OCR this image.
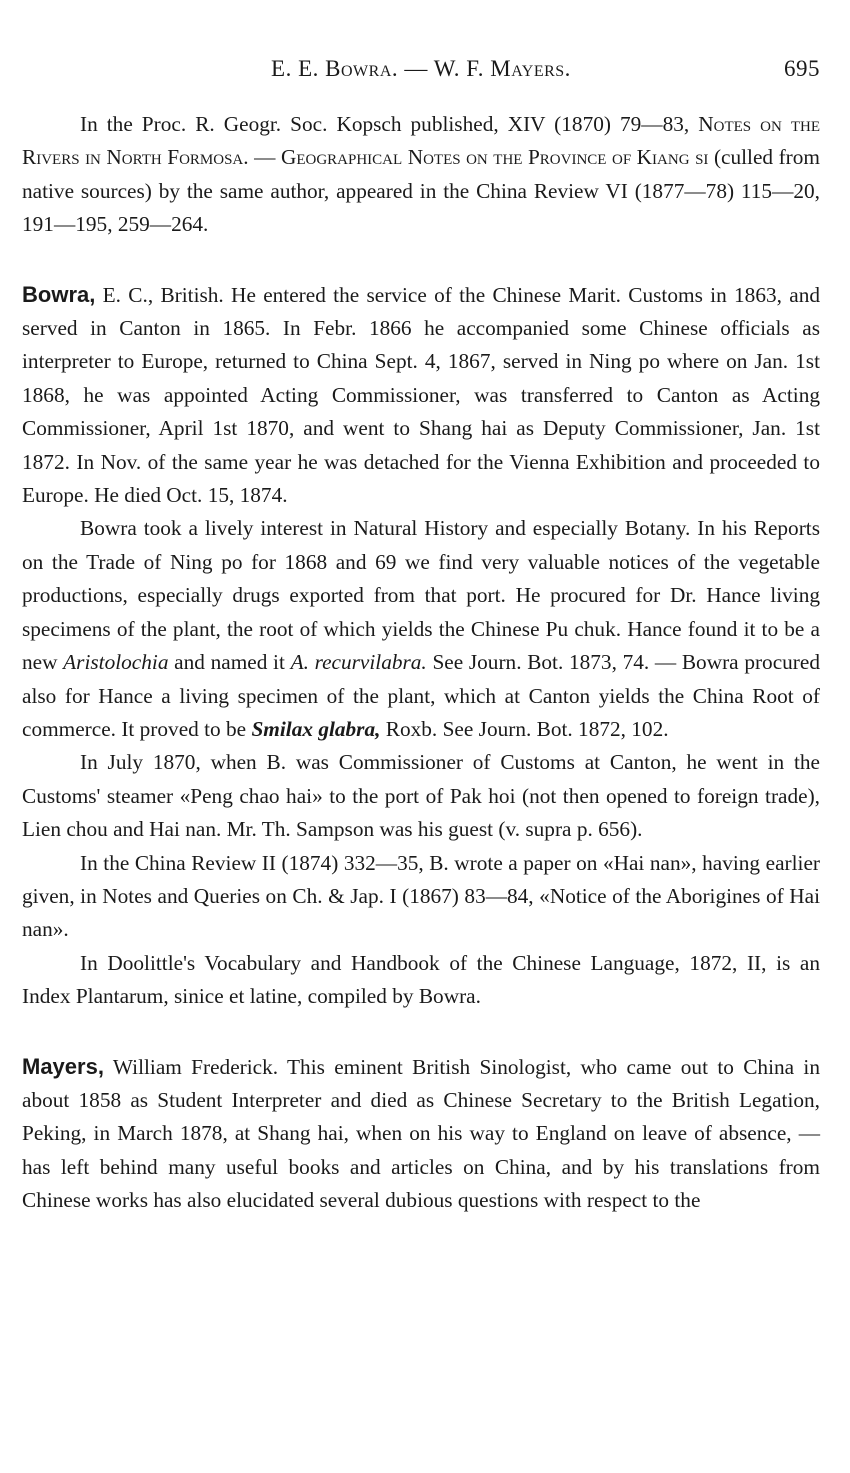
E. E. Bowra. — W. F. Mayers.	695

In the Proc. R. Geogr. Soc. Kopsch published, XIV (1870) 79—83, Notes on the Rivers in North Formosa. — Geographical Notes on the Province of Kiang si (culled from native sources) by the same author, appeared in the China Review VI (1877—78) 115—20, 191—195, 259—264.

Bowra, E. C., British. He entered the service of the Chinese Marit. Customs in 1863, and served in Canton in 1865. In Febr. 1866 he accompanied some Chinese officials as interpreter to Europe, returned to China Sept. 4, 1867, served in Ning po where on Jan. 1st 1868, he was appointed Acting Commissioner, was transferred to Canton as Acting Commissioner, April 1st 1870, and went to Shang hai as Deputy Commissioner, Jan. 1st 1872. In Nov. of the same year he was detached for the Vienna Exhibition and proceeded to Europe. He died Oct. 15, 1874.

Bowra took a lively interest in Natural History and especially Botany. In his Reports on the Trade of Ning po for 1868 and 69 we find very valuable notices of the vegetable productions, especially drugs exported from that port. He procured for Dr. Hance living specimens of the plant, the root of which yields the Chinese Pu chuk. Hance found it to be a new Aristolochia and named it A. recurvilabra. See Journ. Bot. 1873, 74. — Bowra procured also for Hance a living specimen of the plant, which at Canton yields the China Root of commerce. It proved to be Smilax glabra, Roxb. See Journ. Bot. 1872, 102.

In July 1870, when B. was Commissioner of Customs at Canton, he went in the Customs' steamer «Peng chao hai» to the port of Pak hoi (not then opened to foreign trade), Lien chou and Hai nan. Mr. Th. Sampson was his guest (v. supra p. 656).

In the China Review II (1874) 332—35, B. wrote a paper on «Hai nan», having earlier given, in Notes and Queries on Ch. & Jap. I (1867) 83—84, «Notice of the Aborigines of Hai nan».

In Doolittle's Vocabulary and Handbook of the Chinese Language, 1872, II, is an Index Plantarum, sinice et latine, compiled by Bowra.

Mayers, William Frederick. This eminent British Sinologist, who came out to China in about 1858 as Student Interpreter and died as Chinese Secretary to the British Legation, Peking, in March 1878, at Shang hai, when on his way to England on leave of absence, — has left behind many useful books and articles on China, and by his translations from Chinese works has also elucidated several dubious questions with respect to the
